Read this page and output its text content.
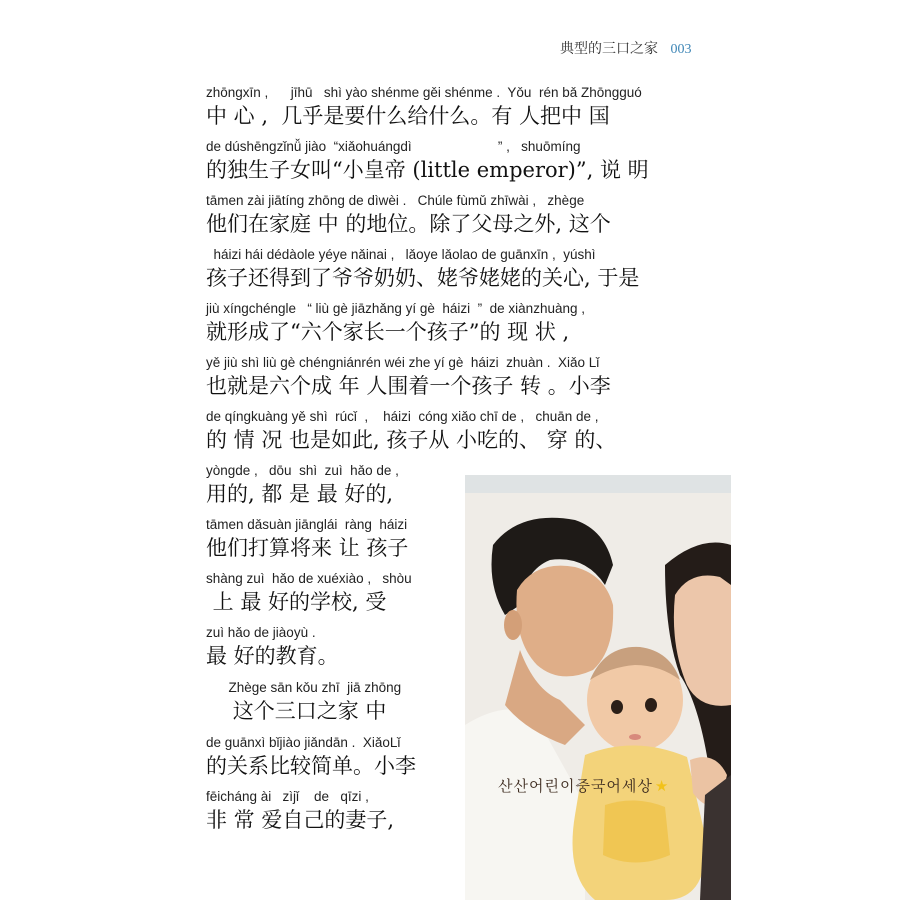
典型的三口之家 003
zhōngxīn ,      jīhū   shì yào shénme gěi shénme .  Yǒu  rén bǎ Zhōngguó
中 心 ,  几乎是要什么给什么。有 人把中 国
de dúshēngzǐnǚ jiào  “xiǎohuángdì                       ” ,   shuōmíng
的独生子女叫“小皇帝 (little emperor)”, 说 明
tāmen zài jiātíng zhōng de dìwèi .   Chúle fùmǔ zhīwài ,   zhège
他们在家庭 中 的地位。除了父母之外, 这个
háizi hái dédàole yéye nǎinai ,   lǎoye lǎolao de guānxīn ,  yúshì
孩子还得到了爷爷奶奶、姥爷姥姥的关心, 于是
jiù xíngchéngle   “ liù gè jiāzhǎng yí gè  háizi  ”  de xiànzhuàng ,
就形成了“六个家长一个孩子”的 现 状 ,
yě jiù shì liù gè chéngniánrén wéi zhe yí gè  háizi  zhuàn .  Xiǎo Lǐ
也就是六个成 年 人围着一个孩子 转 。小李
de qíngkuàng yě shì  rúcǐ  ,    háizi  cóng xiǎo chī de ,   chuān de ,
的 情 况 也是如此, 孩子从 小吃的、 穿 的、
yòngde ,   dōu  shì  zuì  hǎo de ,
用的, 都 是 最 好的,
tāmen dǎsuàn jiānglái  ràng  háizi
他们打算将来 让 孩子
shàng zuì  hǎo de xuéxiào ,   shòu
上 最 好的学校, 受
zuì hǎo de jiàoyù .
最 好的教育。
Zhège sān kǒu zhī  jiā zhōng
这个三口之家 中
de guānxì bǐjiào jiǎndān .  XiǎoLǐ
的关系比较简单。小李
fēicháng ài   zìjǐ    de   qīzi ,
非 常 爱自己的妻子,
산산어린이중국어세상 ★
